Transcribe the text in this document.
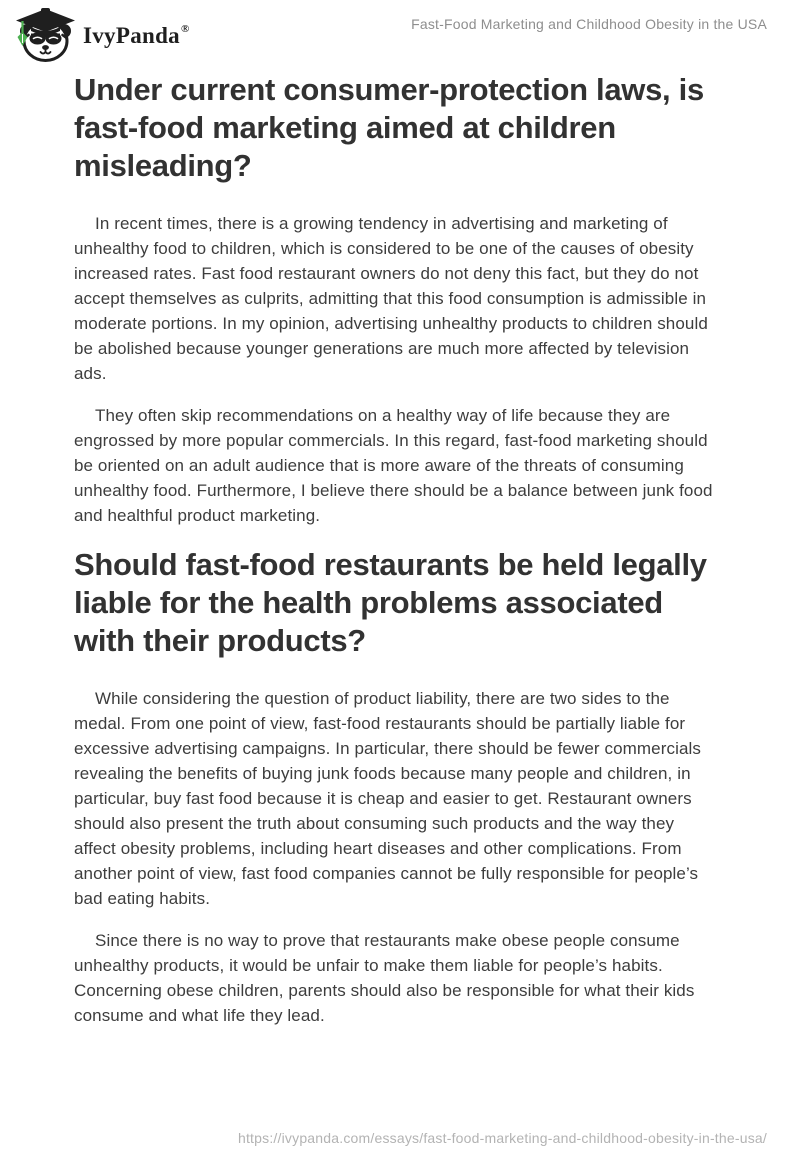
IvyPanda®	Fast-Food Marketing and Childhood Obesity in the USA
Under current consumer-protection laws, is fast-food marketing aimed at children misleading?

In recent times, there is a growing tendency in advertising and marketing of unhealthy food to children, which is considered to be one of the causes of obesity increased rates. Fast food restaurant owners do not deny this fact, but they do not accept themselves as culprits, admitting that this food consumption is admissible in moderate portions. In my opinion, advertising unhealthy products to children should be abolished because younger generations are much more affected by television ads.

They often skip recommendations on a healthy way of life because they are engrossed by more popular commercials. In this regard, fast-food marketing should be oriented on an adult audience that is more aware of the threats of consuming unhealthy food. Furthermore, I believe there should be a balance between junk food and healthful product marketing.

Should fast-food restaurants be held legally liable for the health problems associated with their products?

While considering the question of product liability, there are two sides to the medal. From one point of view, fast-food restaurants should be partially liable for excessive advertising campaigns. In particular, there should be fewer commercials revealing the benefits of buying junk foods because many people and children, in particular, buy fast food because it is cheap and easier to get. Restaurant owners should also present the truth about consuming such products and the way they affect obesity problems, including heart diseases and other complications. From another point of view, fast food companies cannot be fully responsible for people’s bad eating habits.

Since there is no way to prove that restaurants make obese people consume unhealthy products, it would be unfair to make them liable for people’s habits. Concerning obese children, parents should also be responsible for what their kids consume and what life they lead.

https://ivypanda.com/essays/fast-food-marketing-and-childhood-obesity-in-the-usa/
